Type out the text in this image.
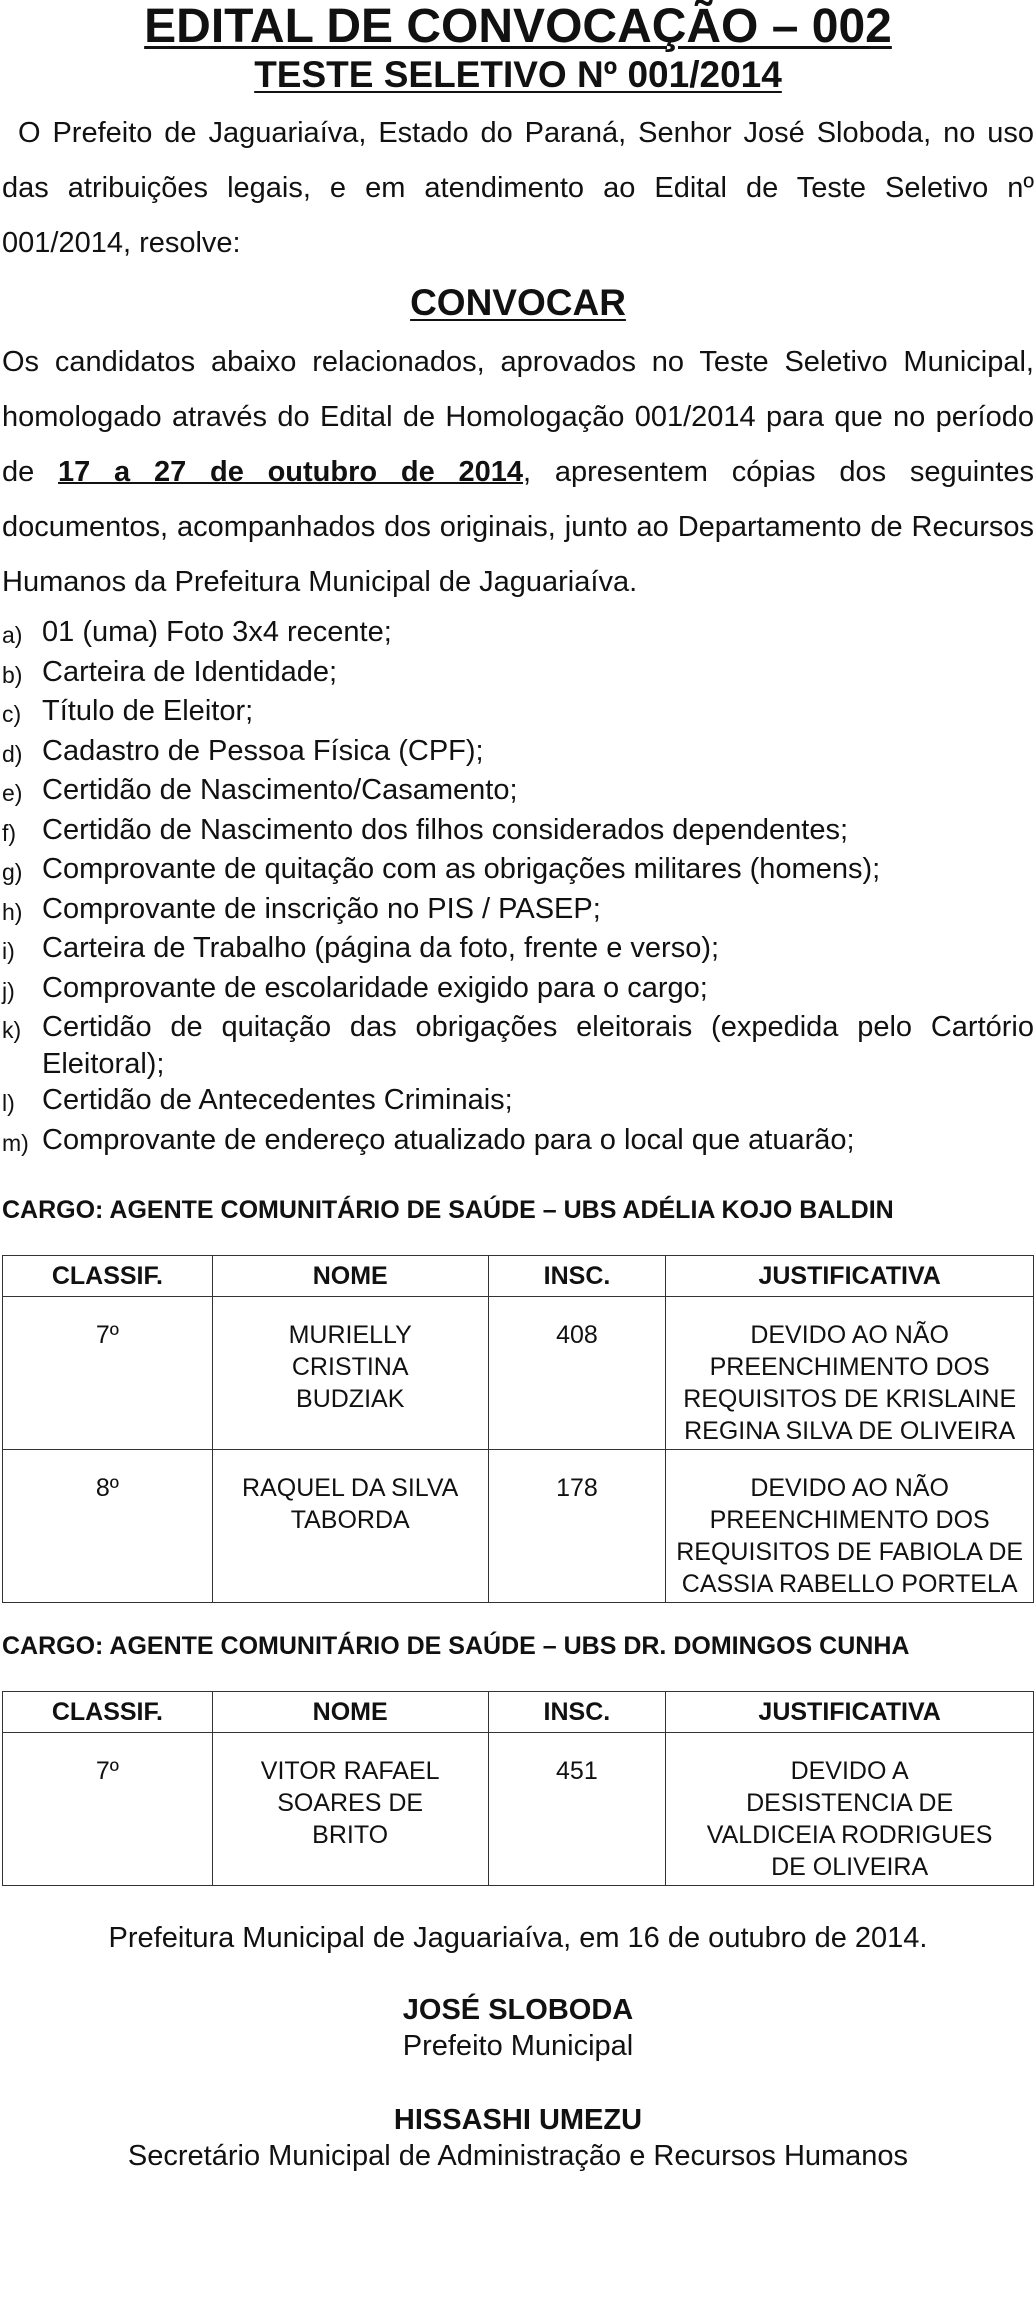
EDITAL DE CONVOCAÇÃO – 002
TESTE SELETIVO Nº 001/2014

O Prefeito de Jaguariaíva, Estado do Paraná, Senhor José Sloboda, no uso das atribuições legais, e em atendimento ao Edital de Teste Seletivo nº 001/2014, resolve:

CONVOCAR

Os candidatos abaixo relacionados, aprovados no Teste Seletivo Municipal, homologado através do Edital de Homologação 001/2014 para que no período de 17 a 27 de outubro de 2014, apresentem cópias dos seguintes documentos, acompanhados dos originais, junto ao Departamento de Recursos Humanos da Prefeitura Municipal de Jaguariaíva.

a) 01 (uma) Foto 3x4 recente;
b) Carteira de Identidade;
c) Título de Eleitor;
d) Cadastro de Pessoa Física (CPF);
e) Certidão de Nascimento/Casamento;
f) Certidão de Nascimento dos filhos considerados dependentes;
g) Comprovante de quitação com as obrigações militares (homens);
h) Comprovante de inscrição no PIS / PASEP;
i) Carteira de Trabalho (página da foto, frente e verso);
j) Comprovante de escolaridade exigido para o cargo;
k) Certidão de quitação das obrigações eleitorais (expedida pelo Cartório Eleitoral);
l) Certidão de Antecedentes Criminais;
m) Comprovante de endereço atualizado para o local que atuarão;

CARGO: AGENTE COMUNITÁRIO DE SAÚDE – UBS ADÉLIA KOJO BALDIN

CLASSIF.	NOME	INSC.	JUSTIFICATIVA
7º	MURIELLY CRISTINA BUDZIAK	408	DEVIDO AO NÃO PREENCHIMENTO DOS REQUISITOS DE KRISLAINE REGINA SILVA DE OLIVEIRA
8º	RAQUEL DA SILVA TABORDA	178	DEVIDO AO NÃO PREENCHIMENTO DOS REQUISITOS DE FABIOLA DE CASSIA RABELLO PORTELA

CARGO: AGENTE COMUNITÁRIO DE SAÚDE – UBS DR. DOMINGOS CUNHA

CLASSIF.	NOME	INSC.	JUSTIFICATIVA
7º	VITOR RAFAEL SOARES DE BRITO	451	DEVIDO A DESISTENCIA DE VALDICEIA RODRIGUES DE OLIVEIRA

Prefeitura Municipal de Jaguariaíva, em 16 de outubro de 2014.

JOSÉ SLOBODA

Prefeito Municipal

HISSASHI UMEZU

Secretário Municipal de Administração e Recursos Humanos
